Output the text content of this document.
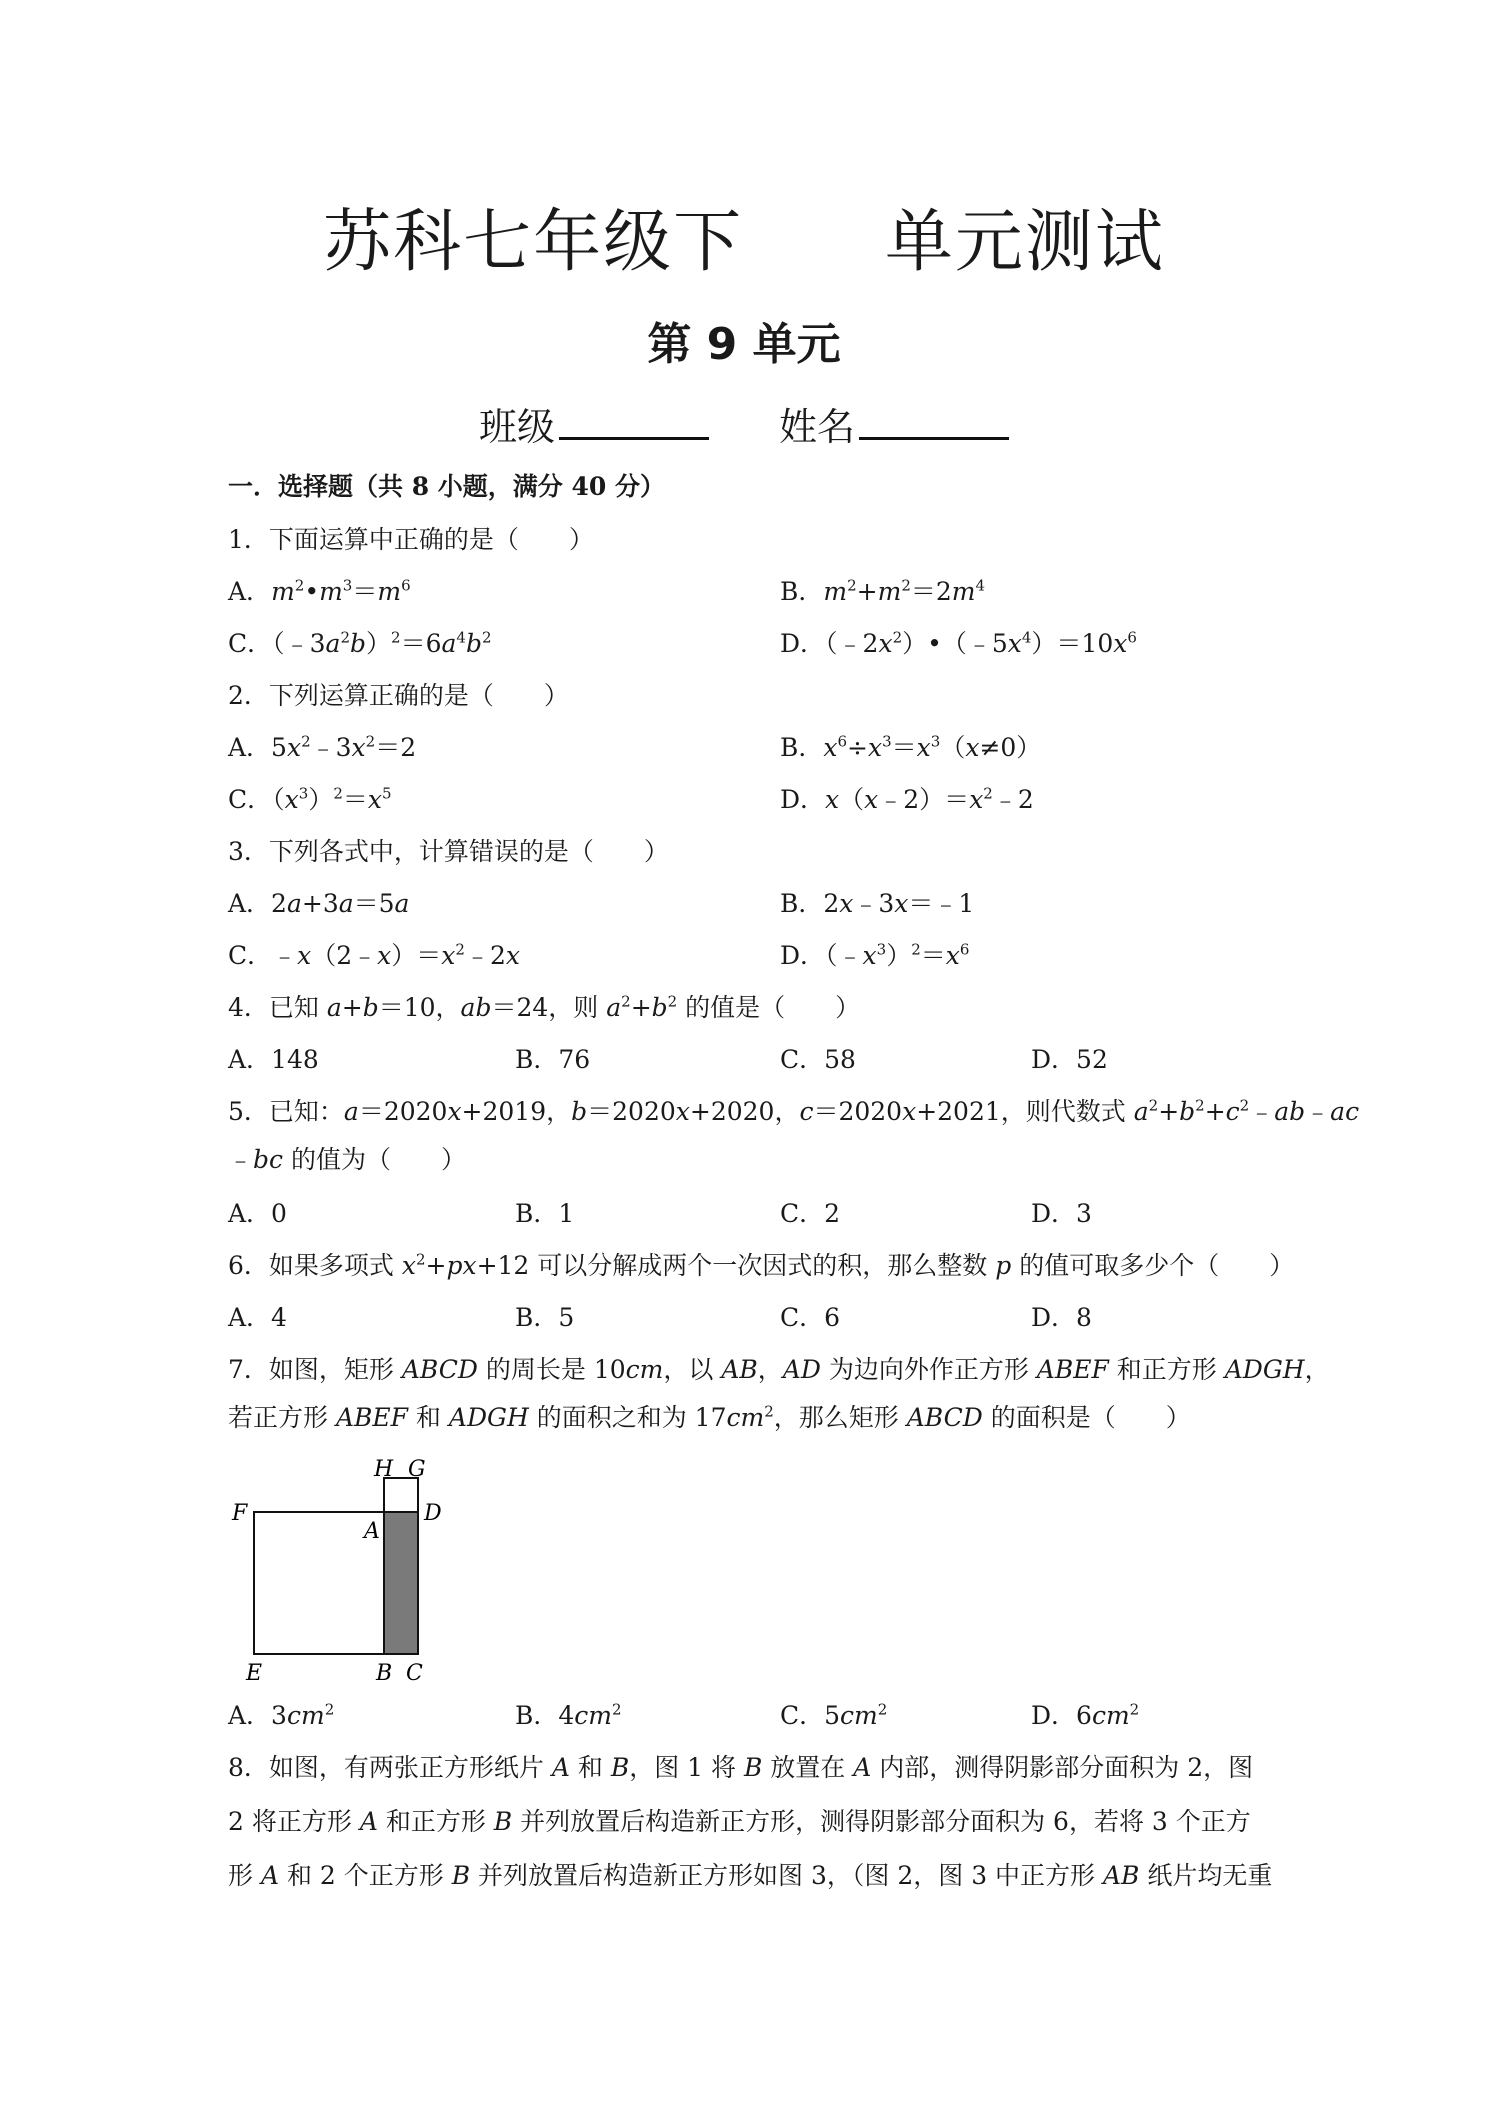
苏科七年级下      单元测试
第 9 单元
班级	姓名
一．选择题（共 8 小题，满分 40 分）
1．下面运算中正确的是（　　）
A．$m^2•m^3=m^6$	B．$m^2+m^2=2m^4$
C．$(﹣3a^2b)^2=6a^4b^2$	D．$(﹣2x^2)•(﹣5x^4)=10x^6$
2．下列运算正确的是（　　）
A．$5x^2﹣3x^2=2$	B．$x^6\div x^3=x^3(x\ne 0)$
C．$(x^3)^2=x^5$	D．$x(x﹣2)=x^2﹣2$
3．下列各式中，计算错误的是（　　）
A．2a+3a＝5a	B．2x﹣3x＝﹣1
C．$﹣x(2﹣x)=x^2﹣2x$	D．$(﹣x^3)^2=x^6$
4．已知 a+b＝10，ab＝24，则 $a^2+b^2$ 的值是（　　）
A．148	B．76	C．58	D．52
5．已知：a＝2020x+2019，b＝2020x+2020，c＝2020x+2021，则代数式 $a^2+b^2+c^2﹣ab﹣ac$
﹣bc 的值为（　　）
A．0	B．1	C．2	D．3
6．如果多项式 $x^2+px+12$ 可以分解成两个一次因式的积，那么整数 p 的值可取多少个（　　）
A．4	B．5	C．6	D．8
7．如图，矩形 ABCD 的周长是 10cm，以 AB，AD 为边向外作正方形 ABEF 和正方形 ADGH，
若正方形 ABEF 和 ADGH 的面积之和为 $17cm^2$，那么矩形 ABCD 的面积是（　　）
F
A
D
H G
E	B C
A．$3cm^2$	B．$4cm^2$	C．$5cm^2$	D．$6cm^2$
8．如图，有两张正方形纸片 A 和 B，图 1 将 B 放置在 A 内部，测得阴影部分面积为 2，图
2 将正方形 A 和正方形 B 并列放置后构造新正方形，测得阴影部分面积为 6，若将 3 个正方
形 A 和 2 个正方形 B 并列放置后构造新正方形如图 3，（图 2，图 3 中正方形 AB 纸片均无重
